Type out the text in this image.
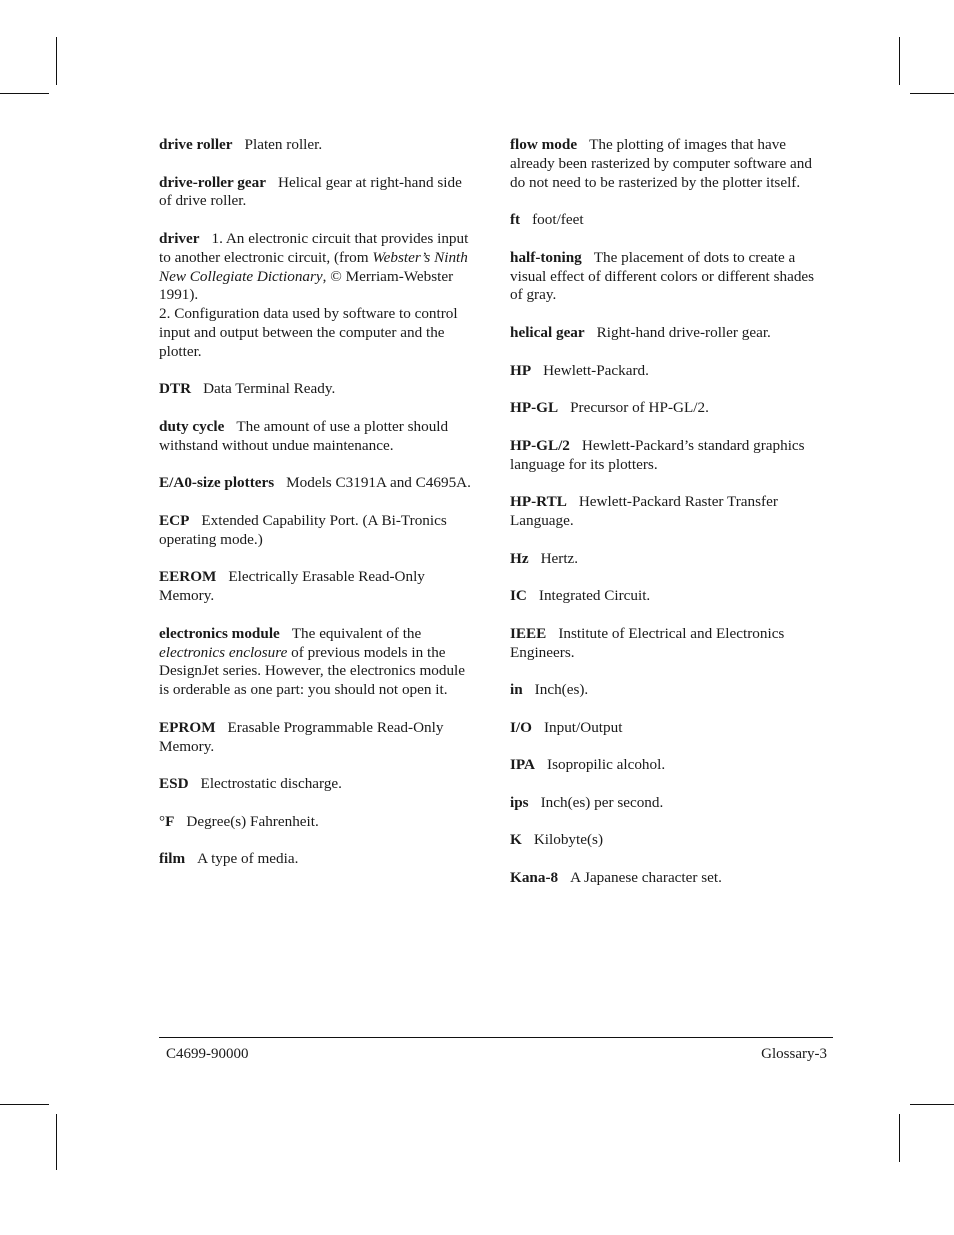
drive roller Platen roller.

drive-roller gear Helical gear at right-hand side of drive roller.

driver 1. An electronic circuit that provides input to another electronic circuit, (from Webster’s Ninth New Collegiate Dictionary, © Merriam-Webster 1991).
2. Configuration data used by software to control input and output between the computer and the plotter.

DTR Data Terminal Ready.

duty cycle The amount of use a plotter should withstand without undue maintenance.

E/A0-size plotters Models C3191A and C4695A.

ECP Extended Capability Port. (A Bi-Tronics operating mode.)

EEROM Electrically Erasable Read-Only Memory.

electronics module The equivalent of the electronics enclosure of previous models in the DesignJet series. However, the electronics module is orderable as one part: you should not open it.

EPROM Erasable Programmable Read-Only Memory.

ESD Electrostatic discharge.

°F Degree(s) Fahrenheit.

film A type of media.

flow mode The plotting of images that have already been rasterized by computer software and do not need to be rasterized by the plotter itself.

ft foot/feet

half-toning The placement of dots to create a visual effect of different colors or different shades of gray.

helical gear Right-hand drive-roller gear.

HP Hewlett-Packard.

HP-GL Precursor of HP-GL/2.

HP-GL/2 Hewlett-Packard’s standard graphics language for its plotters.

HP-RTL Hewlett-Packard Raster Transfer Language.

Hz Hertz.

IC Integrated Circuit.

IEEE Institute of Electrical and Electronics Engineers.

in Inch(es).

I/O Input/Output

IPA Isopropilic alcohol.

ips Inch(es) per second.

K Kilobyte(s)

Kana-8 A Japanese character set.

C4699-90000	Glossary-3
